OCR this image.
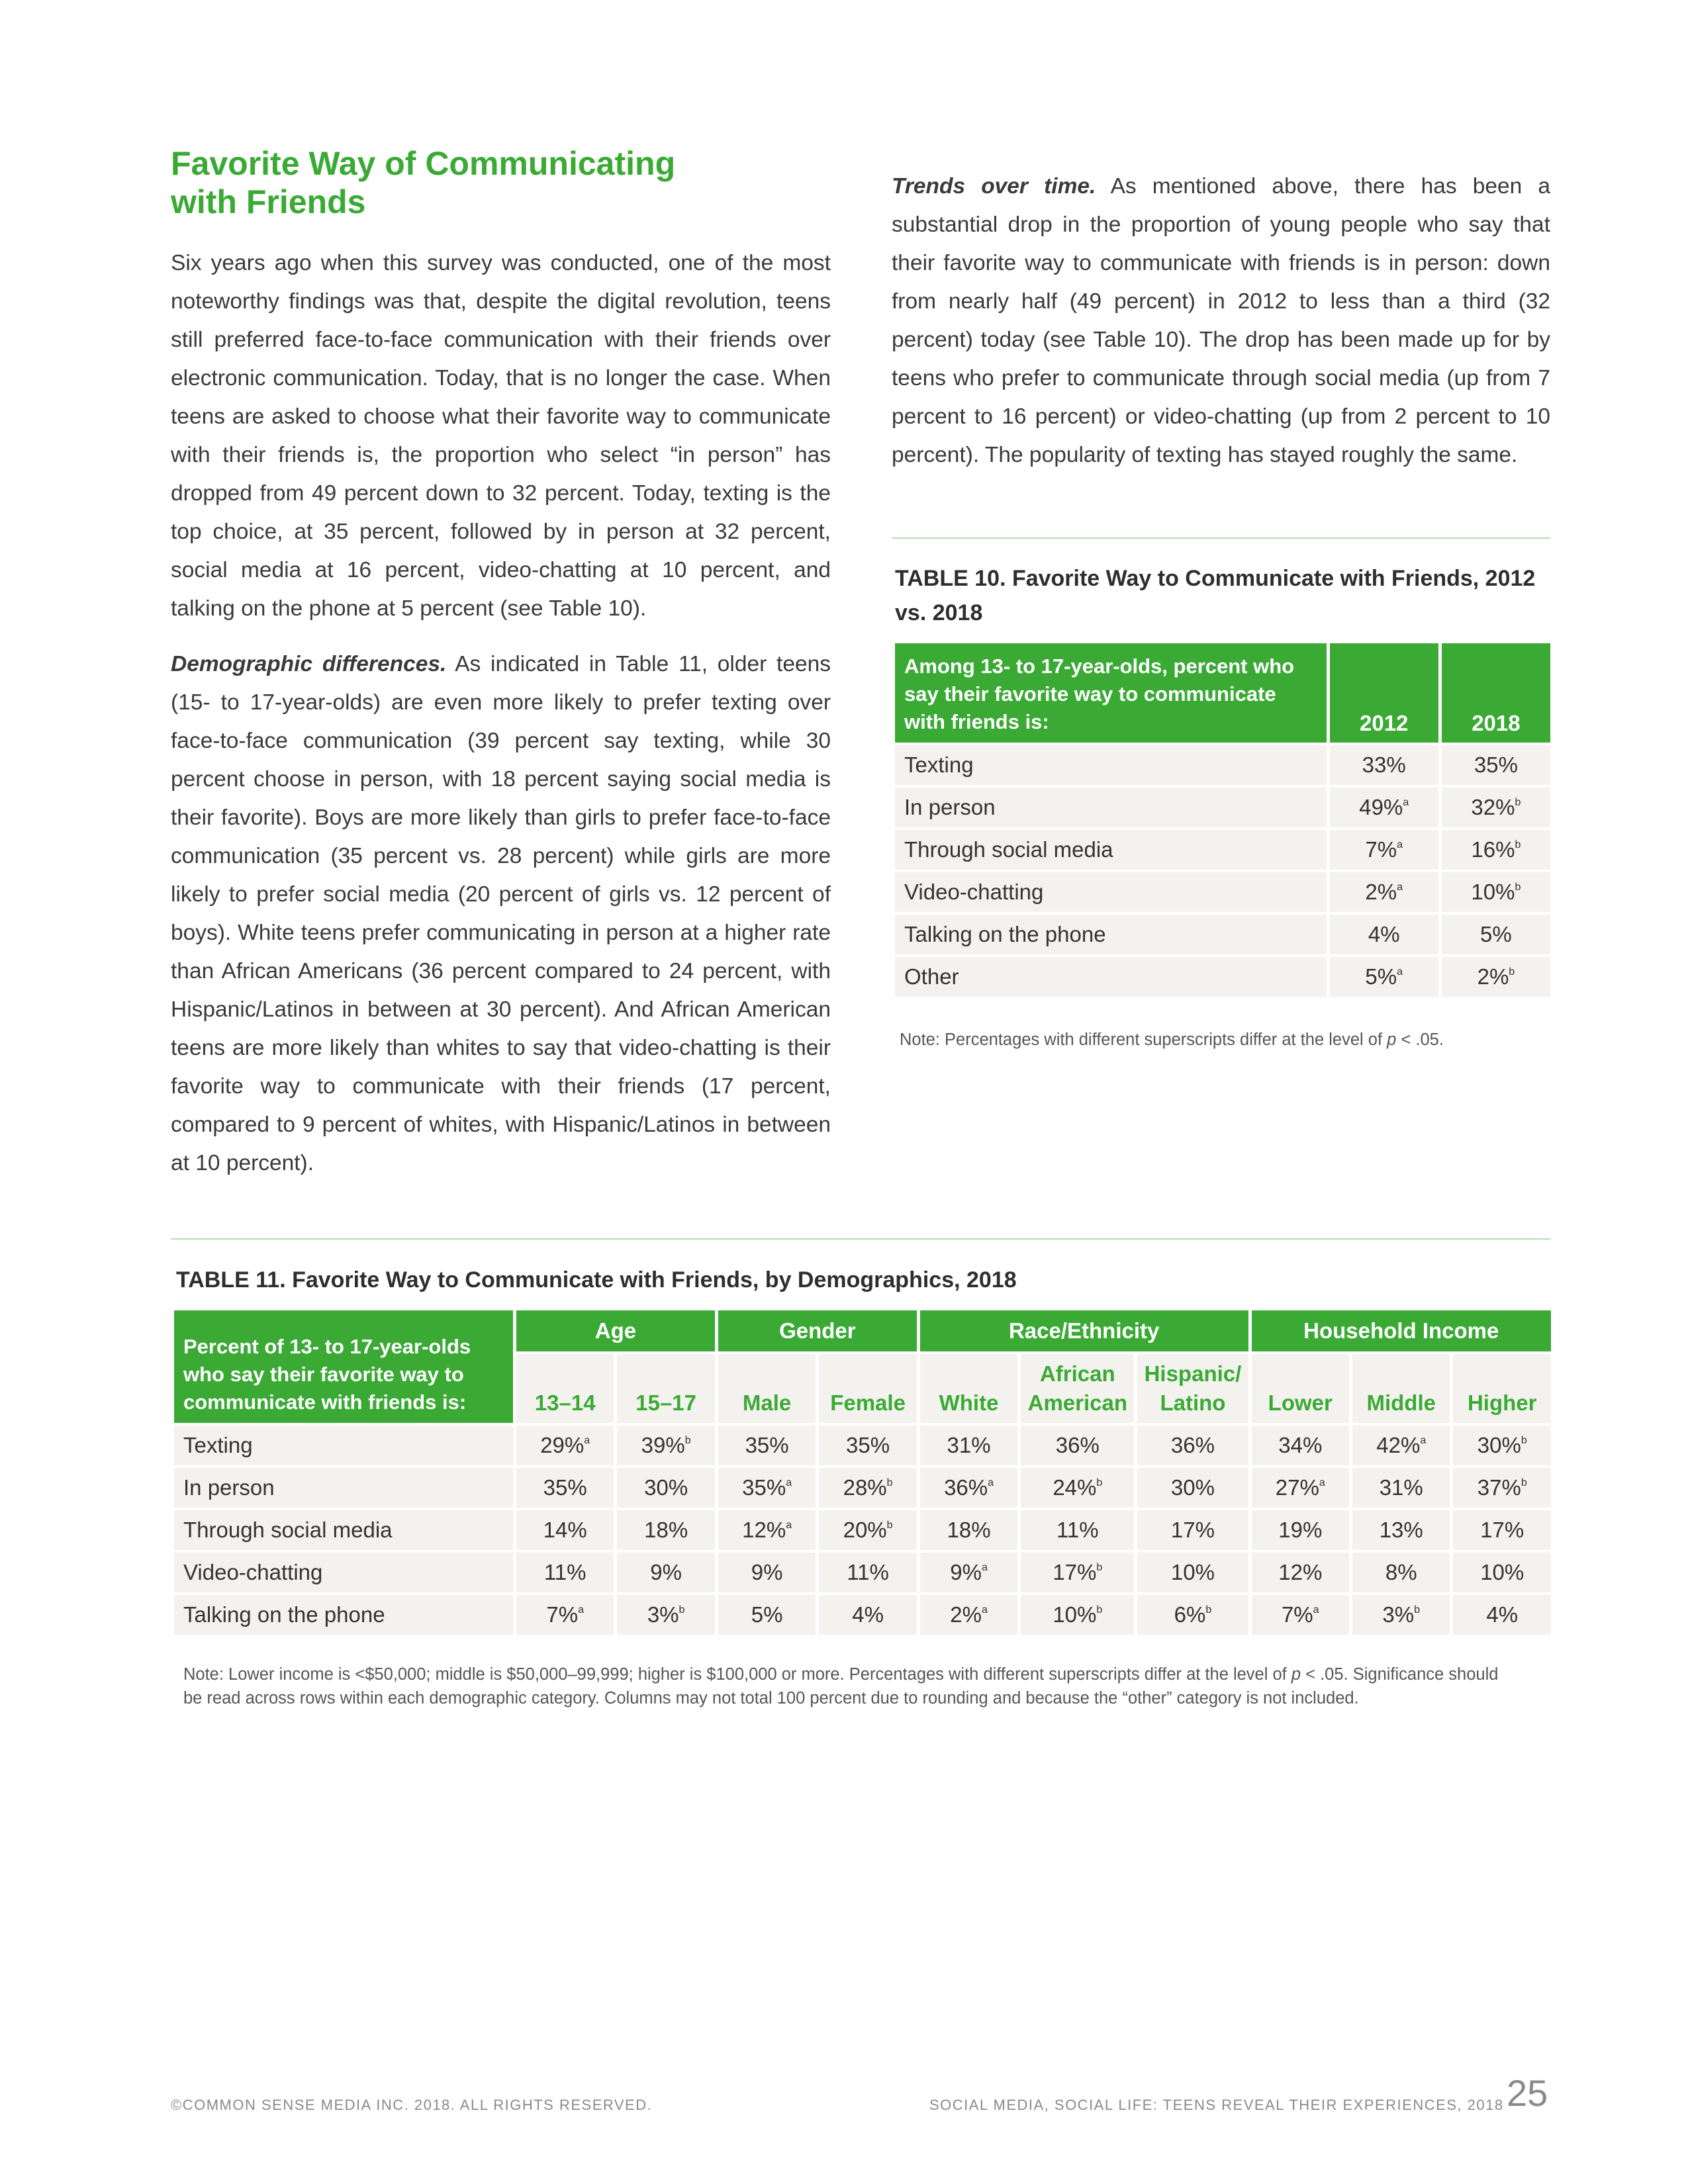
Favorite Way of Communicating with Friends

Six years ago when this survey was conducted, one of the most noteworthy findings was that, despite the digital revolution, teens still preferred face-to-face communication with their friends over electronic communication. Today, that is no longer the case. When teens are asked to choose what their favorite way to communicate with their friends is, the proportion who select “in person” has dropped from 49 percent down to 32 percent. Today, texting is the top choice, at 35 percent, followed by in person at 32 percent, social media at 16 percent, video-chatting at 10 percent, and talking on the phone at 5 percent (see Table 10).

Demographic differences. As indicated in Table 11, older teens (15- to 17-year-olds) are even more likely to prefer texting over face-to-face communication (39 percent say texting, while 30 percent choose in person, with 18 percent saying social media is their favorite). Boys are more likely than girls to prefer face-to-face communication (35 percent vs. 28 percent) while girls are more likely to prefer social media (20 percent of girls vs. 12 percent of boys). White teens prefer communicating in person at a higher rate than African Americans (36 percent compared to 24 percent, with Hispanic/Latinos in between at 30 percent). And African American teens are more likely than whites to say that video-chatting is their favorite way to communicate with their friends (17 percent, compared to 9 percent of whites, with Hispanic/Latinos in between at 10 percent).

Trends over time. As mentioned above, there has been a substantial drop in the proportion of young people who say that their favorite way to communicate with friends is in person: down from nearly half (49 percent) in 2012 to less than a third (32 percent) today (see Table 10). The drop has been made up for by teens who prefer to communicate through social media (up from 7 percent to 16 percent) or video-chatting (up from 2 percent to 10 percent). The popularity of texting has stayed roughly the same.

TABLE 10. Favorite Way to Communicate with Friends, 2012 vs. 2018
Among 13- to 17-year-olds, percent who say their favorite way to communicate with friends is:	2012	2018
Texting	33%	35%
In person	49%$^a$	32%$^b$
Through social media	7%$^a$	16%$^b$
Video-chatting	2%$^a$	10%$^b$
Talking on the phone	4%	5%
Other	5%$^a$	2%$^b$
Note: Percentages with different superscripts differ at the level of p < .05.
TABLE 11. Favorite Way to Communicate with Friends, by Demographics, 2018
Percent of 13- to 17-year-olds who say their favorite way to communicate with friends is:	Age		Gender		Race/Ethnicity			Household Income		
	13–14	15–17	Male	Female	White	African American	Hispanic/ Latino	Lower	Middle	Higher
Texting	29%$^a$	39%$^b$	35%	35%	31%	36%	36%	34%	42%$^a$	30%$^b$
In person	35%	30%	35%$^a$	28%$^b$	36%$^a$	24%$^b$	30%	27%$^a$	31%	37%$^b$
Through social media	14%	18%	12%$^a$	20%$^b$	18%	11%	17%	19%	13%	17%
Video-chatting	11%	9%	9%	11%	9%$^a$	17%$^b$	10%	12%	8%	10%
Talking on the phone	7%$^a$	3%$^b$	5%	4%	2%$^a$	10%$^b$	6%$^b$	7%$^a$	3%$^b$	4%
Note: Lower income is <$50,000; middle is $50,000–99,999; higher is $100,000 or more. Percentages with different superscripts differ at the level of p < .05. Significance should be read across rows within each demographic category. Columns may not total 100 percent due to rounding and because the “other” category is not included.
©COMMON SENSE MEDIA INC. 2018. ALL RIGHTS RESERVED.	SOCIAL MEDIA, SOCIAL LIFE: TEENS REVEAL THEIR EXPERIENCES, 2018 25
